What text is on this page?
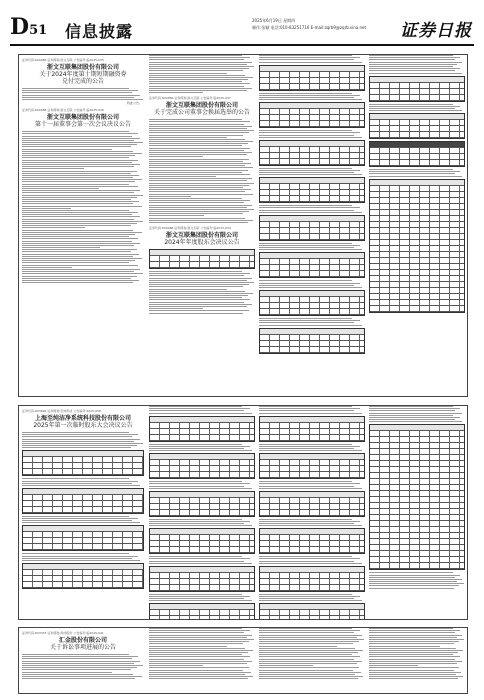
D51 信息披露
2025年6月19日 星期四
制作:张颖 电话:010-83251716 E-mail:zqrb9@zqrb.sina.net 证券日报
证券代码:600986 证券简称:浙文互联 公告编号:临2025-035
浙文互联集团股份有限公司
关于2024年度第十期短期融资券
兑付完成的公告
特此公告。
证券代码:600986 证券简称:浙文互联 公告编号:临2025-036
浙文互联集团股份有限公司
第十一届董事会第一次会议决议公告
证券代码:600986 证券简称:浙文互联 公告编号:临2025-037
浙文互联集团股份有限公司
关于完成公司董事会换届选举的公告
证券代码:600986 证券简称:浙文互联 公告编号:临2025-034
浙文互联集团股份有限公司
2024年年度股东会决议公告
证券代码:603690 证券简称:至纯科技 公告编号:2025-058
上海至纯洁净系统科技股份有限公司
2025年第一次临时股东大会决议公告
证券代码:603333 证券简称:尚纬股份 公告编号:临2025-041
汇金股份有限公司
关于诉讼事项进展的公告
